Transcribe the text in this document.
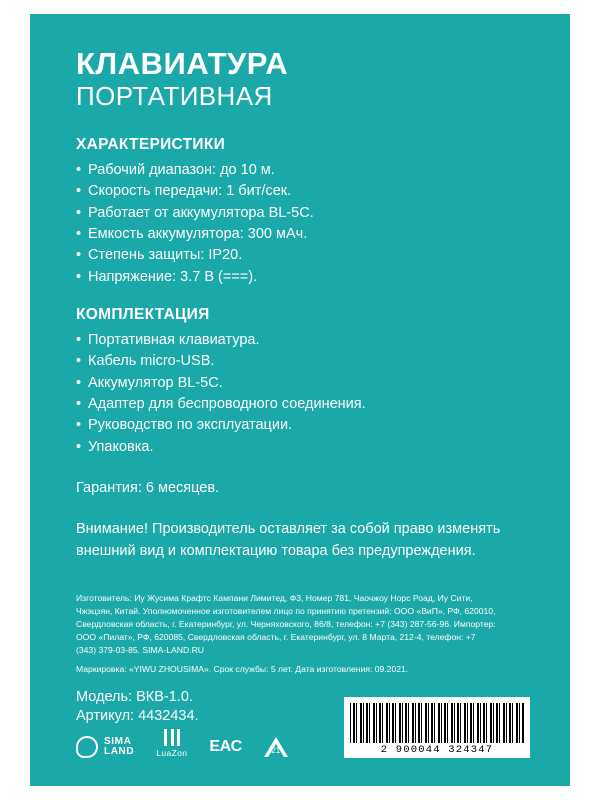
КЛАВИАТУРА
ПОРТАТИВНАЯ
ХАРАКТЕРИСТИКИ
• Рабочий диапазон: до 10 м.
• Скорость передачи: 1 бит/сек.
• Работает от аккумулятора BL-5C.
• Емкость аккумулятора: 300 мАч.
• Степень защиты: IP20.
• Напряжение: 3.7 В (===).
КОМПЛЕКТАЦИЯ
• Портативная клавиатура.
• Кабель micro-USB.
• Аккумулятор BL-5C.
• Адаптер для беспроводного соединения.
• Руководство по эксплуатации.
• Упаковка.
Гарантия: 6 месяцев.
Внимание! Производитель оставляет за собой право изменять внешний вид и комплектацию товара без предупреждения.

Изготовитель: Иу Жусима Крафтс Кампани Лимитед, Ф3, Номер 781, Чаочжоу Норс Роад, Иу Сити, Чжэцзян, Китай. Уполномоченное изготовителем лицо по принятию претензий: ООО «ВиП», РФ, 620010, Свердловская область, г. Екатеринбург, ул. Черняховского, 86/8, телефон: +7 (343) 287-56-96. Импортер: ООО «Пилат», РФ, 620085, Свердловская область, г. Екатеринбург, ул. 8 Марта, 212-4, телефон: +7 (343) 379-03-85. SIMA-LAND.RU

Маркировка: «YIWU ZHOUSIMA». Срок службы: 5 лет. Дата изготовления: 09.2021.

Модель: ВКВ-1.0.
Артикул: 4432434.
SIMA
LAND	LuaZon EAC	21	2 900044 324347
